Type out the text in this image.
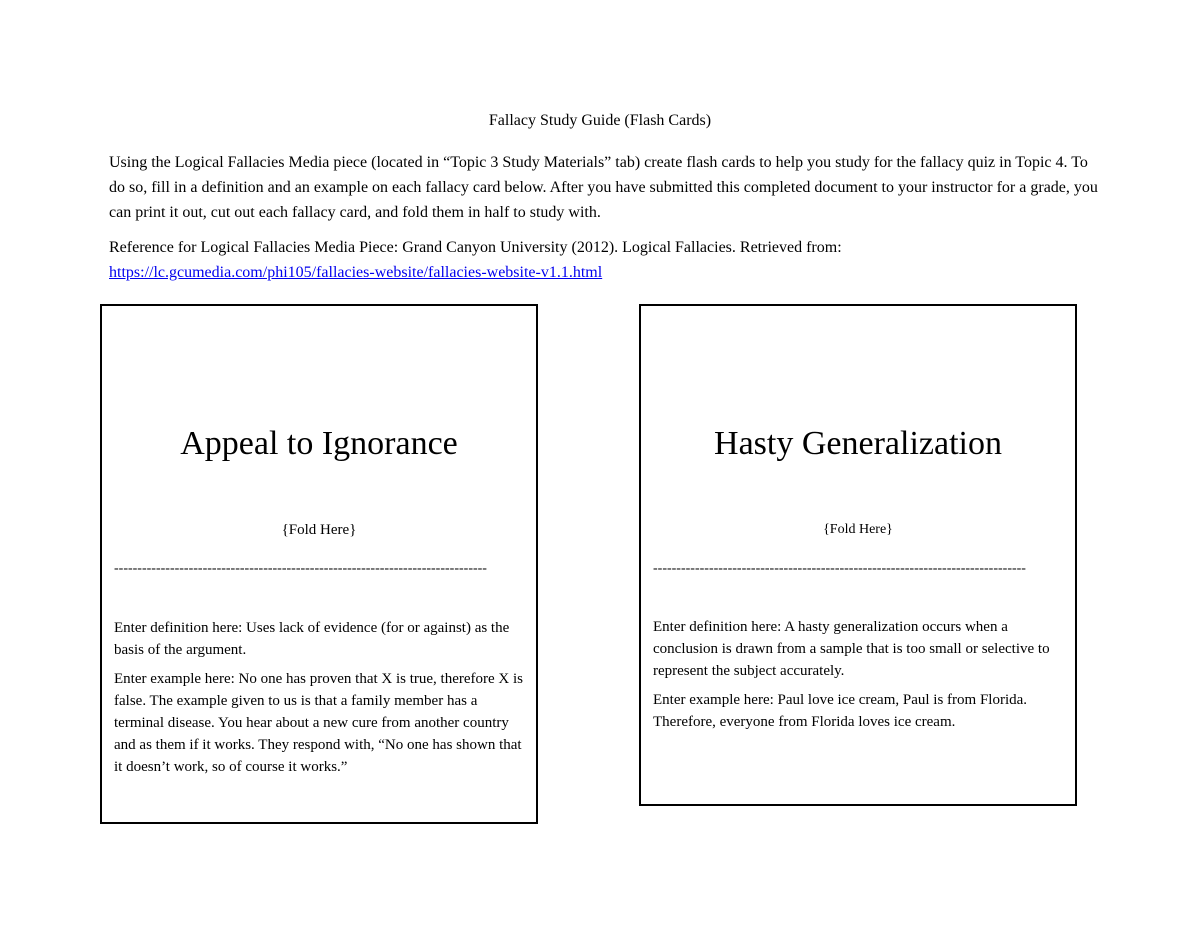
Fallacy Study Guide (Flash Cards)
Using the Logical Fallacies Media piece (located in “Topic 3 Study Materials” tab) create flash cards to help you study for the fallacy quiz in Topic 4. To do so, fill in a definition and an example on each fallacy card below. After you have submitted this completed document to your instructor for a grade, you can print it out, cut out each fallacy card, and fold them in half to study with.
Reference for Logical Fallacies Media Piece: Grand Canyon University (2012). Logical Fallacies. Retrieved from:
https://lc.gcumedia.com/phi105/fallacies-website/fallacies-website-v1.1.html
Appeal to Ignorance
{Fold Here}
--------------------------------------------------------------------------------

Enter definition here: Uses lack of evidence (for or against) as the basis of the argument.

Enter example here: No one has proven that X is true, therefore X is false. The example given to us is that a family member has a terminal disease. You hear about a new cure from another country and as them if it works. They respond with, “No one has shown that it doesn’t work, so of course it works.”

Hasty Generalization
{Fold Here}
--------------------------------------------------------------------------------

Enter definition here: A hasty generalization occurs when a conclusion is drawn from a sample that is too small or selective to represent the subject accurately.

Enter example here: Paul love ice cream, Paul is from Florida. Therefore, everyone from Florida loves ice cream.
